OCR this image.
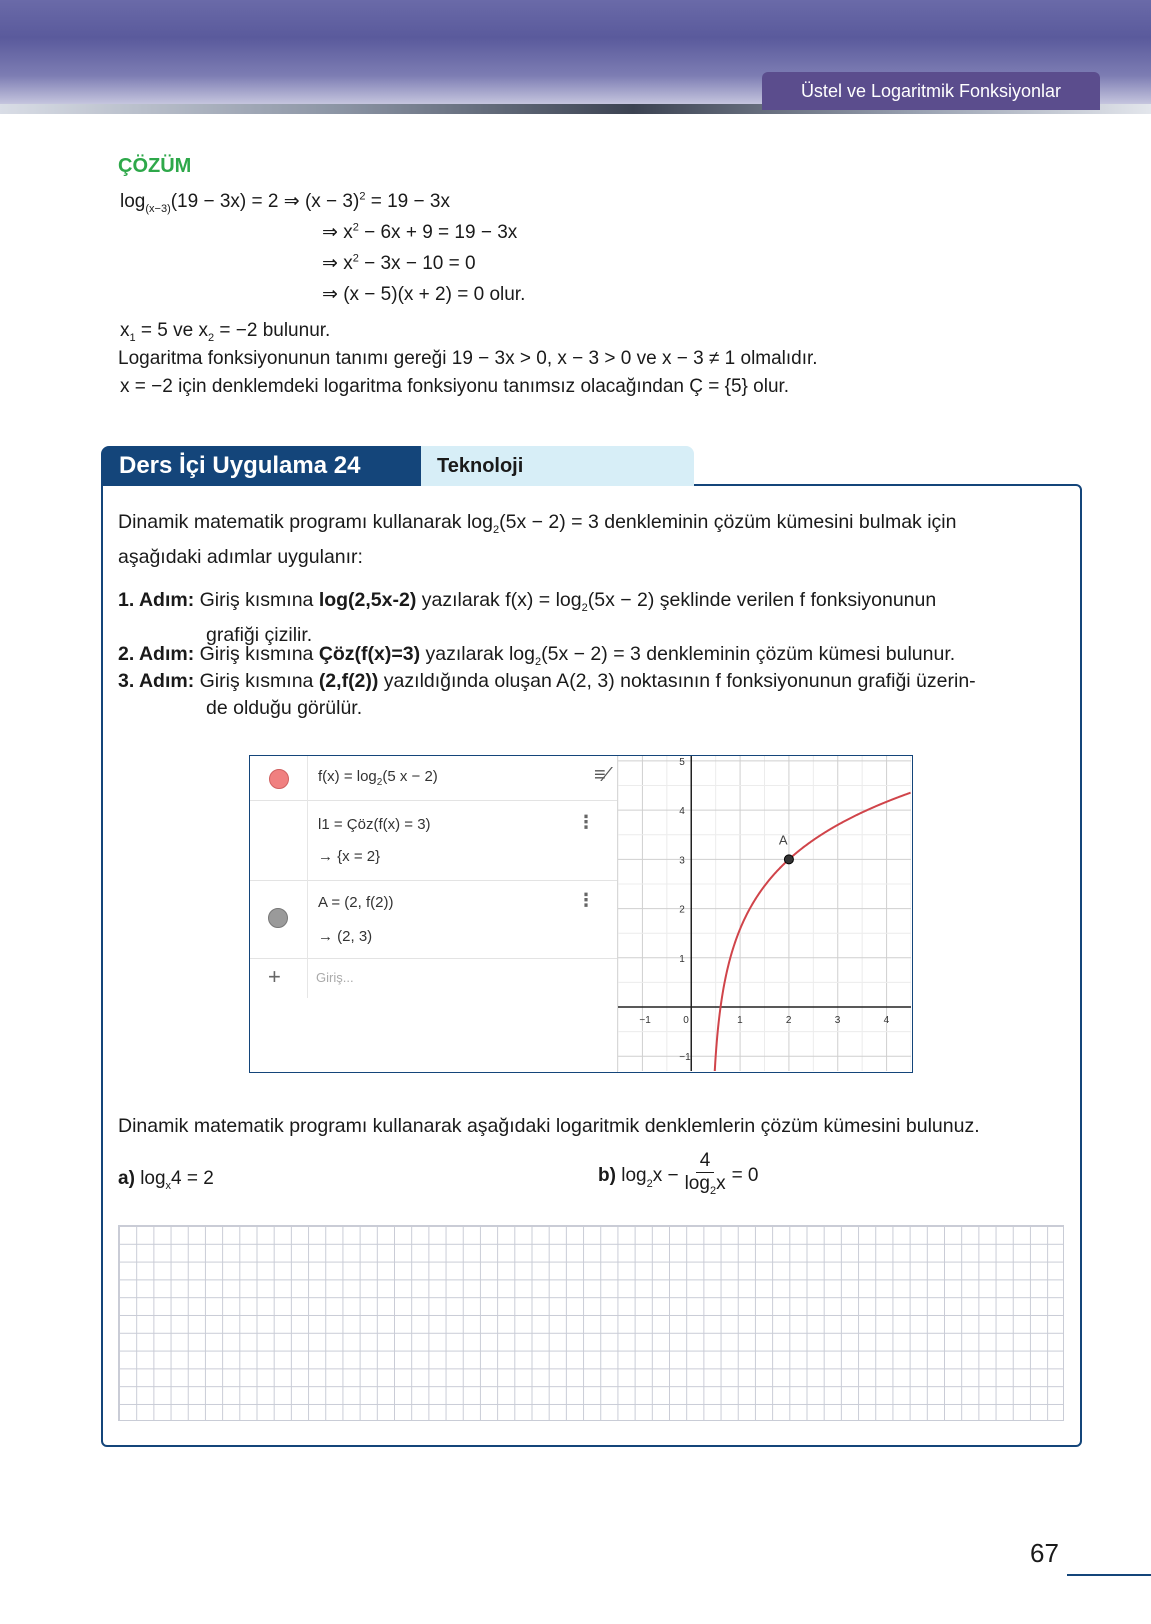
Üstel ve Logaritmik Fonksiyonlar
ÇÖZÜM
$\log_{(x-3)}(19 - 3x) = 2$ ⇒ $(x - 3)^2 = 19 - 3x$
⇒ $x^2 - 6x + 9 = 19 - 3x$
⇒ $x^2 - 3x - 10 = 0$
⇒ (x − 5)(x + 2) = 0 olur.
$x_1 = 5$ ve $x_2 = -2$ bulunur.
Logaritma fonksiyonunun tanımı gereği 19 − 3x > 0, x − 3 > 0 ve x − 3 ≠ 1 olmalıdır.
x = −2 için denklemdeki logaritma fonksiyonu tanımsız olacağından Ç = {5} olur.
Ders İçi Uygulama 24	Teknoloji
Dinamik matematik programı kullanarak $\log_2(5x - 2) = 3$ denkleminin çözüm kümesini bulmak için
aşağıdaki adımlar uygulanır:
1. Adım: Giriş kısmına log(2,5x-2) yazılarak $f(x) = \log_2(5x - 2)$ şeklinde verilen f fonksiyonunun
grafiği çizilir.
2. Adım: Giriş kısmına Çöz(f(x)=3) yazılarak $\log_2(5x - 2) = 3$ denkleminin çözüm kümesi bulunur.
3. Adım: Giriş kısmına (2,f(2)) yazıldığında oluşan A(2, 3) noktasının f fonksiyonunun grafiği üzerin-
de olduğu görülür.
$f(x) = \log_2(5$ x − 2)	≡⁄
l1 = Çöz(f(x) = 3)
→ {x = 2}
⋮
A = (2, f(2))
→ (2, 3)
⋮
+	Giriş...
−1	0	1	2	3	4
−1
1
2
3
4
5
A
Dinamik matematik programı kullanarak aşağıdaki logaritmik denklemlerin çözüm kümesini bulunuz.
a) $\log_x4 = 2$	b)
$\log_2 x - \frac{4}{\log_2x} = 0$
67
